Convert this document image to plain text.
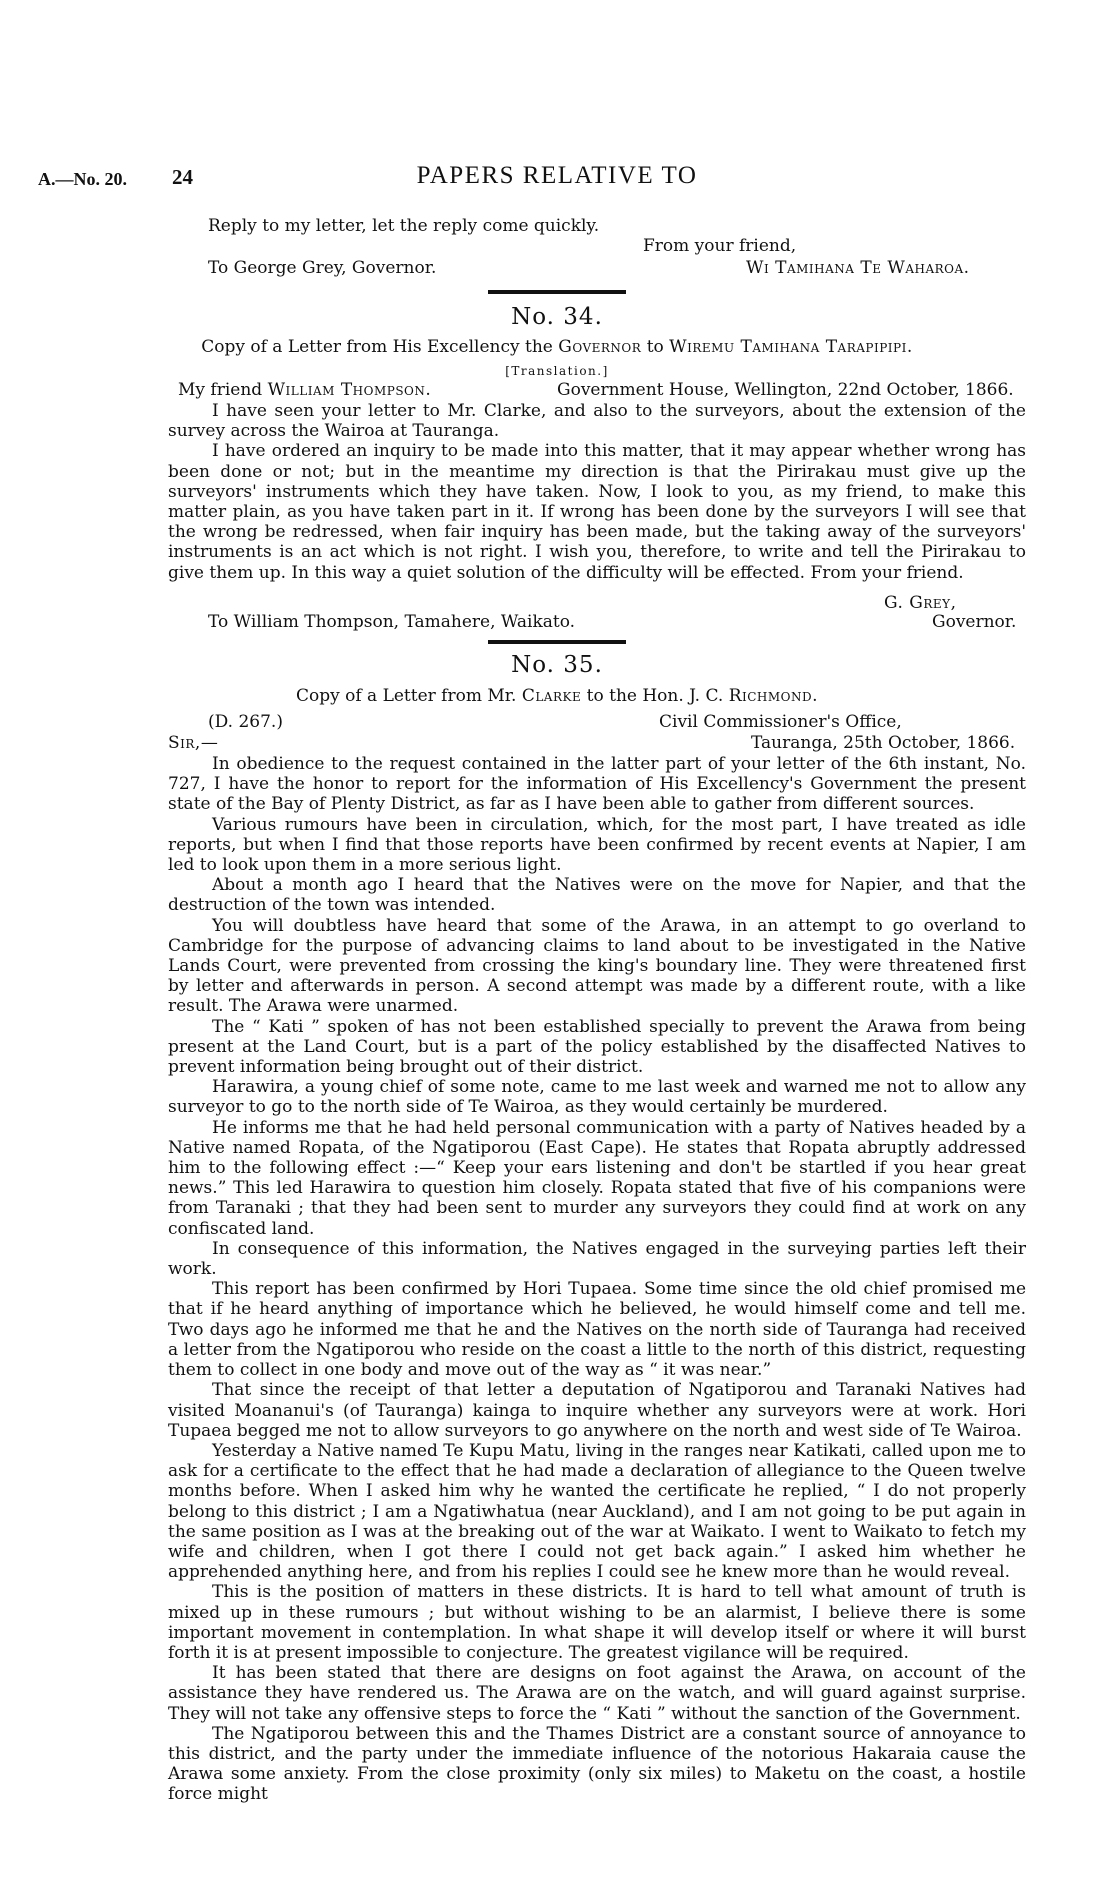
A.—No. 20. 24	PAPERS RELATIVE TO
Reply to my letter, let the reply come quickly.
From your friend,
To George Grey, Governor.	Wi Tamihana Te Waharoa.
No. 34.
Copy of a Letter from His Excellency the Governor to Wiremu Tamihana Tarapipipi.
[Translation.]
My friend William Thompson.	Government House, Wellington, 22nd October, 1866.

I have seen your letter to Mr. Clarke, and also to the surveyors, about the extension of the survey across the Wairoa at Tauranga.

I have ordered an inquiry to be made into this matter, that it may appear whether wrong has been done or not; but in the meantime my direction is that the Pirirakau must give up the surveyors' instruments which they have taken. Now, I look to you, as my friend, to make this matter plain, as you have taken part in it. If wrong has been done by the surveyors I will see that the wrong be redressed, when fair inquiry has been made, but the taking away of the surveyors' instruments is an act which is not right. I wish you, therefore, to write and tell the Pirirakau to give them up. In this way a quiet solution of the difficulty will be effected. From your friend.

G. Grey,
To William Thompson, Tamahere, Waikato.	Governor.
No. 35.
Copy of a Letter from Mr. Clarke to the Hon. J. C. Richmond.
(D. 267.)	Civil Commissioner's Office,
Sir,—	Tauranga, 25th October, 1866.

In obedience to the request contained in the latter part of your letter of the 6th instant, No. 727, I have the honor to report for the information of His Excellency's Government the present state of the Bay of Plenty District, as far as I have been able to gather from different sources.

Various rumours have been in circulation, which, for the most part, I have treated as idle reports, but when I find that those reports have been confirmed by recent events at Napier, I am led to look upon them in a more serious light.

About a month ago I heard that the Natives were on the move for Napier, and that the destruction of the town was intended.

You will doubtless have heard that some of the Arawa, in an attempt to go overland to Cambridge for the purpose of advancing claims to land about to be investigated in the Native Lands Court, were prevented from crossing the king's boundary line. They were threatened first by letter and afterwards in person. A second attempt was made by a different route, with a like result. The Arawa were unarmed.

The “ Kati ” spoken of has not been established specially to prevent the Arawa from being present at the Land Court, but is a part of the policy established by the disaffected Natives to prevent information being brought out of their district.

Harawira, a young chief of some note, came to me last week and warned me not to allow any surveyor to go to the north side of Te Wairoa, as they would certainly be murdered.

He informs me that he had held personal communication with a party of Natives headed by a Native named Ropata, of the Ngatiporou (East Cape). He states that Ropata abruptly addressed him to the following effect :—“ Keep your ears listening and don't be startled if you hear great news.” This led Harawira to question him closely. Ropata stated that five of his companions were from Taranaki ; that they had been sent to murder any surveyors they could find at work on any confiscated land.

In consequence of this information, the Natives engaged in the surveying parties left their work.

This report has been confirmed by Hori Tupaea. Some time since the old chief promised me that if he heard anything of importance which he believed, he would himself come and tell me. Two days ago he informed me that he and the Natives on the north side of Tauranga had received a letter from the Ngatiporou who reside on the coast a little to the north of this district, requesting them to collect in one body and move out of the way as “ it was near.”

That since the receipt of that letter a deputation of Ngatiporou and Taranaki Natives had visited Moananui's (of Tauranga) kainga to inquire whether any surveyors were at work. Hori Tupaea begged me not to allow surveyors to go anywhere on the north and west side of Te Wairoa.

Yesterday a Native named Te Kupu Matu, living in the ranges near Katikati, called upon me to ask for a certificate to the effect that he had made a declaration of allegiance to the Queen twelve months before. When I asked him why he wanted the certificate he replied, “ I do not properly belong to this district ; I am a Ngatiwhatua (near Auckland), and I am not going to be put again in the same position as I was at the breaking out of the war at Waikato. I went to Waikato to fetch my wife and children, when I got there I could not get back again.” I asked him whether he apprehended anything here, and from his replies I could see he knew more than he would reveal.

This is the position of matters in these districts. It is hard to tell what amount of truth is mixed up in these rumours ; but without wishing to be an alarmist, I believe there is some important movement in contemplation. In what shape it will develop itself or where it will burst forth it is at present impossible to conjecture. The greatest vigilance will be required.

It has been stated that there are designs on foot against the Arawa, on account of the assistance they have rendered us. The Arawa are on the watch, and will guard against surprise. They will not take any offensive steps to force the “ Kati ” without the sanction of the Government.

The Ngatiporou between this and the Thames District are a constant source of annoyance to this district, and the party under the immediate influence of the notorious Hakaraia cause the Arawa some anxiety. From the close proximity (only six miles) to Maketu on the coast, a hostile force might
